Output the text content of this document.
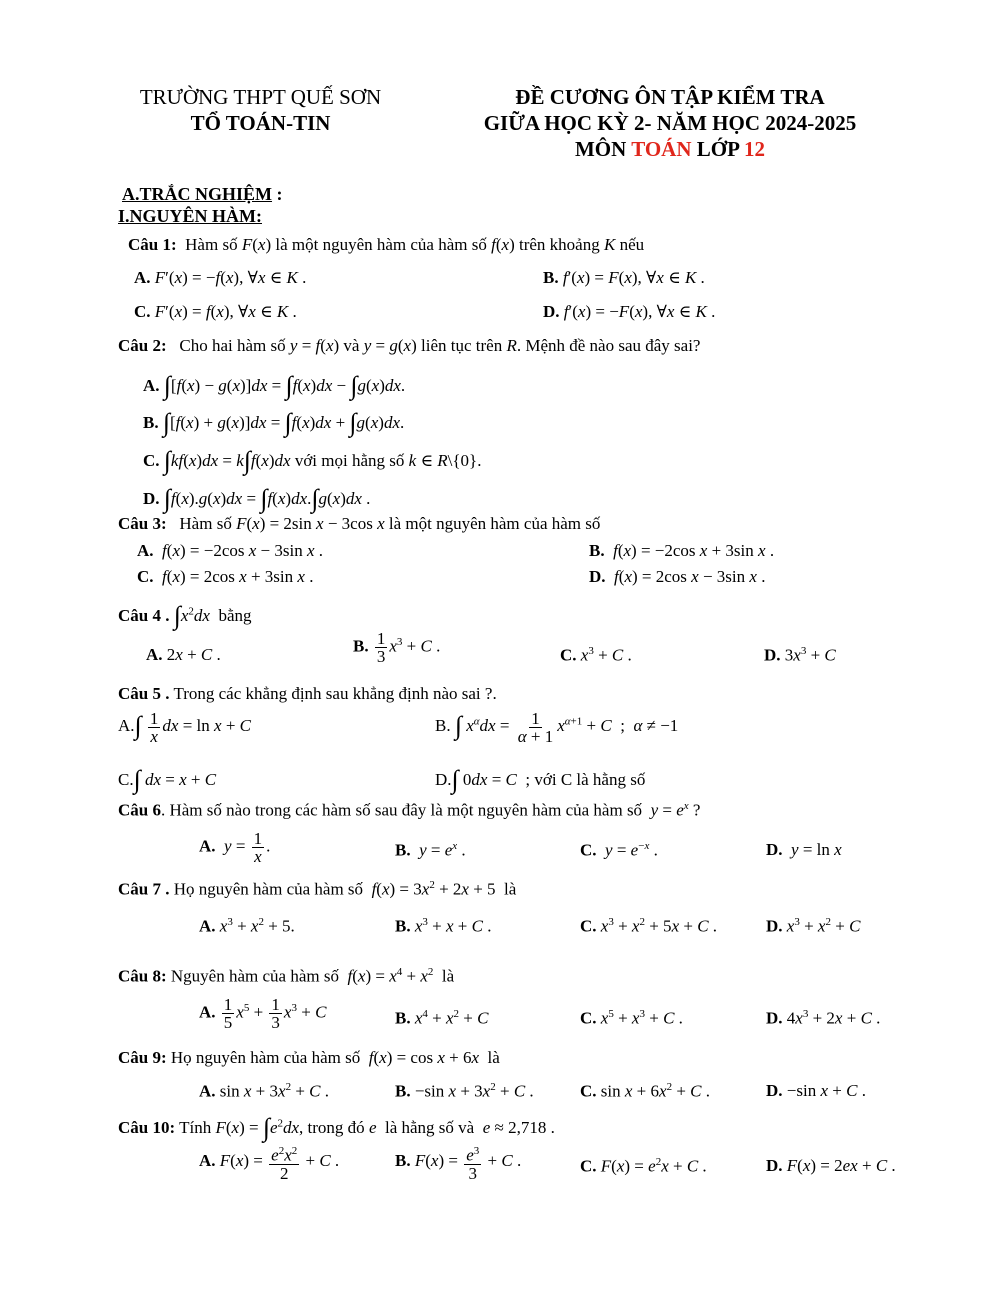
TRƯỜNG THPT QUẾ SƠN
TỔ TOÁN-TIN
ĐỀ CƯƠNG ÔN TẬP KIỂM TRA
GIỮA HỌC KỲ 2- NĂM HỌC 2024-2025
MÔN TOÁN LỚP 12
A.TRẮC NGHIỆM :
I.NGUYÊN HÀM:
Câu 1: Hàm số F(x) là một nguyên hàm của hàm số f(x) trên khoảng K nếu
A. F′(x) = −f(x), ∀x ∈ K .	B. f′(x) = F(x), ∀x ∈ K .
C. F′(x) = f(x), ∀x ∈ K .	D. f′(x) = −F(x), ∀x ∈ K .
Câu 2: Cho hai hàm số y = f(x) và y = g(x) liên tục trên R. Mệnh đề nào sau đây sai?
A. ∫[f(x) − g(x)]dx = ∫f(x)dx − ∫g(x)dx.
B. ∫[f(x) + g(x)]dx = ∫f(x)dx + ∫g(x)dx.
C. ∫kf(x)dx = k∫f(x)dx với mọi hằng số k ∈ R\{0}.
D. ∫f(x).g(x)dx = ∫f(x)dx.∫g(x)dx .
Câu 3: Hàm số F(x) = 2sin x − 3cos x là một nguyên hàm của hàm số
A. f(x) = −2cos x − 3sin x .	B. f(x) = −2cos x + 3sin x .
C. f(x) = 2cos x + 3sin x .	D. f(x) = 2cos x − 3sin x .
Câu 4 . $\int x^2dx$ bằng
A. 2x + C .	B. $\frac{1}{3} x^3 + C$ .	C. $x^3 + C$ .	D. $3x^3 + C$
Câu 5 . Trong các khẳng định sau khẳng định nào sai ?.
$A.\int \frac{1}{x}$ dx = ln x + C	B. ∫ $x^\alpha dx = \frac{1}{\alpha + 1} x^{\alpha+1} + C$  ;  α ≠ −1
C.∫ dx = x + C	D.∫ 0dx = C ; với C là hằng số
Câu 6. Hàm số nào trong các hàm số sau đây là một nguyên hàm của hàm số $y = e^x$ ?
A. $y = \frac{1}{x}$ .	B. $y = e^x$ .	C. $y = e^{-x}$ .	D. y = ln x
Câu 7 . Họ nguyên hàm của hàm số $f(x) = 3x^2 + 2x + 5$  là
A. $x^3 + x^2 + 5$.	B. $x^3 + x + C$ .	C. $x^3 + x^2 + 5x + C$ .	D. $x^3 + x^2 + C$
Câu 8: Nguyên hàm của hàm số $f(x) = x^4 + x^2$ là
A. $\frac{1}{5} x^5 + \frac{1}{3} x^3 + C$	B. $x^4 + x^2 + C$	C. $x^5 + x^3 + C$ .	D. $4x^3 + 2x + C$ .
Câu 9: Họ nguyên hàm của hàm số f(x) = cos x + 6x là
A. $\sin x + 3x^2 + C$ .	B. −sin $x + 3x^2 + C$ .	C. $\sin x + 6x^2 + C$ .	D. −sin x + C .
Câu 10: Tính $F(x) = \int e^2dx$, trong đó e là hằng số và e ≈ 2,718 .
A. $F(x) = \frac{e^2x^2}{2} + C$ .	B. $F(x) = \frac{e^3}{3} + C$ .	C. $F(x) = e^2x + C$ .	D. F(x) = 2ex + C .
